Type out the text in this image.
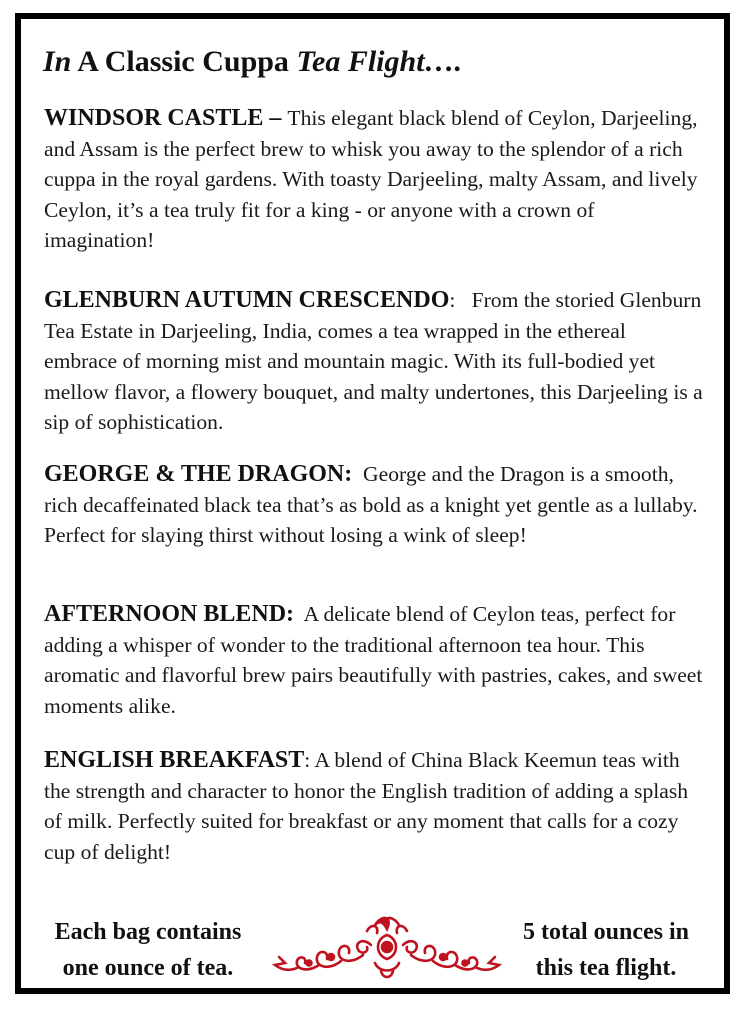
In A Classic Cuppa Tea Flight….

WINDSOR CASTLE – This elegant black blend of Ceylon, Darjeeling, and Assam is the perfect brew to whisk you away to the splendor of a rich cuppa in the royal gardens. With toasty Darjeeling, malty Assam, and lively Ceylon, it’s a tea truly fit for a king - or anyone with a crown of imagination!

GLENBURN AUTUMN CRESCENDO:   From the storied Glenburn Tea Estate in Darjeeling, India, comes a tea wrapped in the ethereal embrace of morning mist and mountain magic. With its full-bodied yet mellow flavor, a flowery bouquet, and malty undertones, this Darjeeling is a sip of sophistication.

GEORGE & THE DRAGON: George and the Dragon is a smooth, rich decaffeinated black tea that’s as bold as a knight yet gentle as a lullaby. Perfect for slaying thirst without losing a wink of sleep!

AFTERNOON BLEND: A delicate blend of Ceylon teas, perfect for adding a whisper of wonder to the traditional afternoon tea hour. This aromatic and flavorful brew pairs beautifully with pastries, cakes, and sweet moments alike.

ENGLISH BREAKFAST: A blend of China Black Keemun teas with the strength and character to honor the English tradition of adding a splash of milk. Perfectly suited for breakfast or any moment that calls for a cozy cup of delight!

Each bag contains
one ounce of tea.
5 total ounces in
this tea flight.
